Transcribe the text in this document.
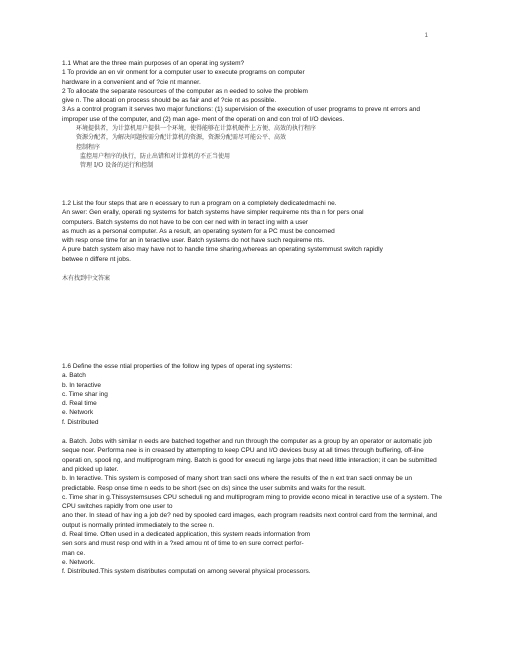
1
1.1 What are the three main purposes of an operat ing system?
1 To provide an en vir onment for a computer user to execute programs on computer
hardware in a convenient and ef ?cie nt manner.
2 To allocate the separate resources of the computer as n eeded to solve the problem
give n. The allocati on process should be as fair and ef ?cie nt as possible.
3 As a control program it serves two major functions: (1) supervision of the execution of user programs to preve nt errors and improper use of the computer, and (2) man age- ment of the operati on and con trol of I/O devices.
环境提供者，为计算机用户提供一个环境，使得能够在计算机硬件上方便、高效的执行程序
资源分配者，为解决问题按需分配计算机的资源，资源分配需尽可能公平、高效
控制程序
监控用户程序的执行，防止出错和对计算机的不正当使用
管理 I/O 设备的运行和控制
1.2 List the four steps that are n ecessary to run a program on a completely dedicatedmachi ne.
An swer: Gen erally, operati ng systems for batch systems have simpler requireme nts tha n for pers onal
computers. Batch systems do not have to be con cer ned with in teract ing with a user
as much as a personal computer. As a result, an operating system for a PC must be concerned
with resp onse time for an in teractive user. Batch systems do not have such requireme nts.
A pure batch system also may have not to handle time sharing,whereas an operating systemmust switch rapidly
betwee n differe nt jobs.
木有找到中文答案
1.6 Define the esse ntial properties of the follow ing types of operat ing systems:
a. Batch
b. In teractive
c. Time shar ing
d. Real time
e. Network
f. Distributed
a. Batch. Jobs with similar n eeds are batched together and run through the computer as a group by an operator or automatic job seque ncer. Performa nee is in creased by attempting to keep CPU and I/O devices busy at all times through buffering, off-line operati on, spooli ng, and multiprogram ming. Batch is good for executi ng large jobs that need little interaction; it can be submitted and picked up later.
b. In teractive. This system is composed of many short tran sacti ons where the results of the n ext tran sacti onmay be un predictable. Resp onse time n eeds to be short (sec on ds) since the user submits and waits for the result.
c. Time shar in g.Thissystemsuses CPU scheduli ng and multiprogram ming to provide econo mical in teractive use of a system. The CPU switches rapidly from one user to
ano ther. In stead of hav ing a job de? ned by spooled card images, each program readsits next control card from the terminal, and output is normally printed immediately to the scree n.
d. Real time. Often used in a dedicated application, this system reads information from
sen sors and must resp ond with in a ?xed amou nt of time to en sure correct perfor-
man ce.
e. Network.
f. Distributed.This system distributes computati on among several physical processors.
